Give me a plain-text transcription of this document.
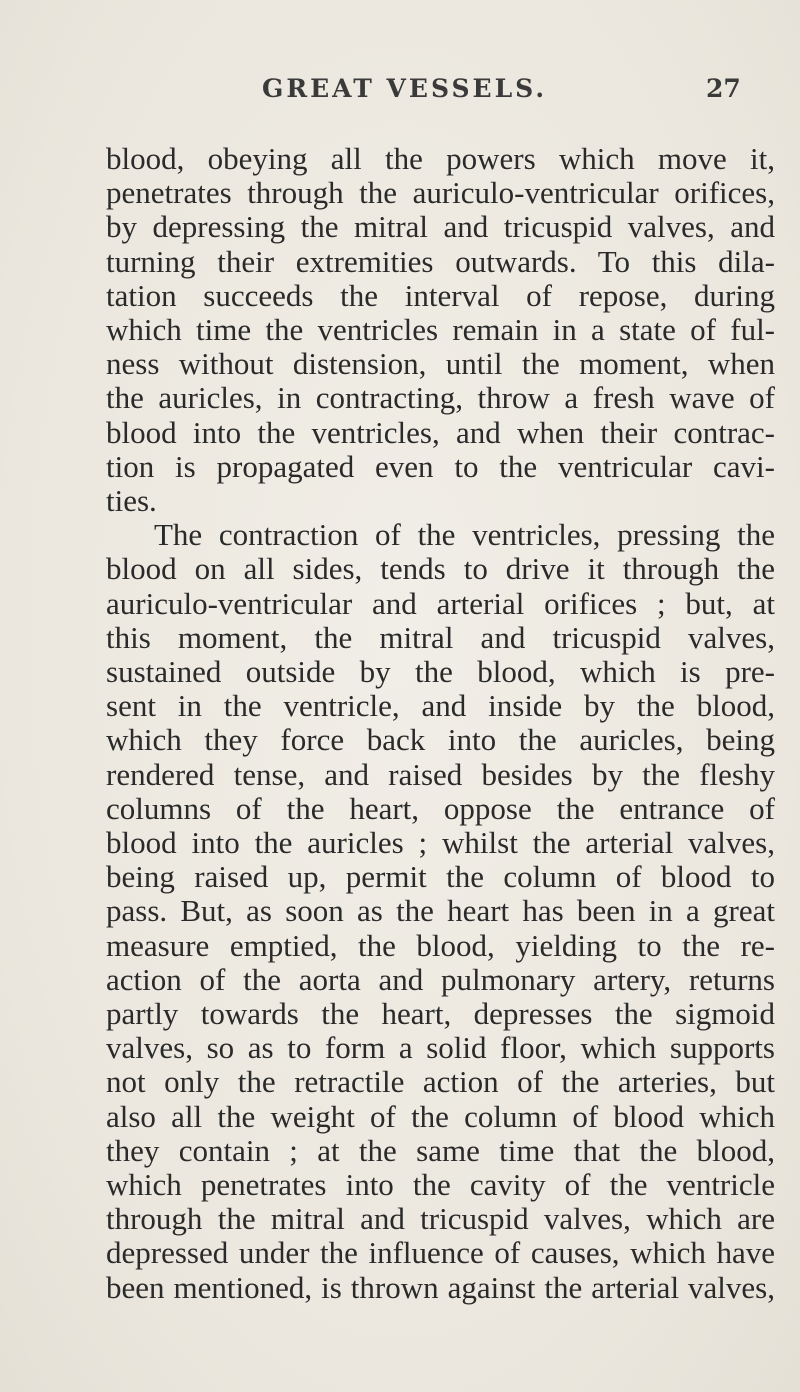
GREAT VESSELS.	27
blood, obeying all the powers which move it,
penetrates through the auriculo-ventricular orifices,
by depressing the mitral and tricuspid valves, and
turning their extremities outwards. To this dila-
tation succeeds the interval of repose, during
which time the ventricles remain in a state of ful-
ness without distension, until the moment, when
the auricles, in contracting, throw a fresh wave of
blood into the ventricles, and when their contrac-
tion is propagated even to the ventricular cavi-
ties.
The contraction of the ventricles, pressing the
blood on all sides, tends to drive it through the
auriculo-ventricular and arterial orifices ; but, at
this moment, the mitral and tricuspid valves,
sustained outside by the blood, which is pre-
sent in the ventricle, and inside by the blood,
which they force back into the auricles, being
rendered tense, and raised besides by the fleshy
columns of the heart, oppose the entrance of
blood into the auricles ; whilst the arterial valves,
being raised up, permit the column of blood to
pass. But, as soon as the heart has been in a great
measure emptied, the blood, yielding to the re-
action of the aorta and pulmonary artery, returns
partly towards the heart, depresses the sigmoid
valves, so as to form a solid floor, which supports
not only the retractile action of the arteries, but
also all the weight of the column of blood which
they contain ; at the same time that the blood,
which penetrates into the cavity of the ventricle
through the mitral and tricuspid valves, which are
depressed under the influence of causes, which have
been mentioned, is thrown against the arterial valves,
